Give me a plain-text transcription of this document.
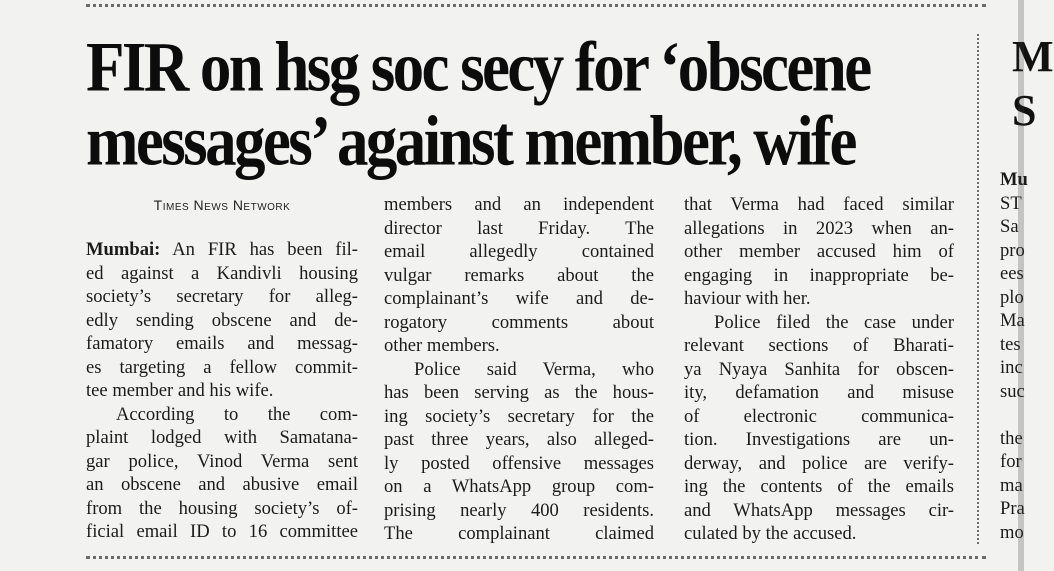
FIR on hsg soc secy for ‘obscene
messages’ against member, wife
M
S
Times News Network
Mumbai: An FIR has been fil-
ed against a Kandivli housing
society’s secretary for alleg-
edly sending obscene and de-
famatory emails and messag-
es targeting a fellow commit-
tee member and his wife.
According to the com-
plaint lodged with Samatana-
gar police, Vinod Verma sent
an obscene and abusive email
from the housing society’s of-
ficial email ID to 16 committee
members and an independent
director last Friday. The
email allegedly contained
vulgar remarks about the
complainant’s wife and de-
rogatory comments about
other members.
Police said Verma, who
has been serving as the hous-
ing society’s secretary for the
past three years, also alleged-
ly posted offensive messages
on a WhatsApp group com-
prising nearly 400 residents.
The complainant claimed
that Verma had faced similar
allegations in 2023 when an-
other member accused him of
engaging in inappropriate be-
haviour with her.
Police filed the case under
relevant sections of Bharati-
ya Nyaya Sanhita for obscen-
ity, defamation and misuse
of electronic communica-
tion. Investigations are un-
derway, and police are verify-
ing the contents of the emails
and WhatsApp messages cir-
culated by the accused.
Mu
ST
Sa
pro
ees
plo
Ma
tes
inc
suc
the
for
ma
Pra
mo
